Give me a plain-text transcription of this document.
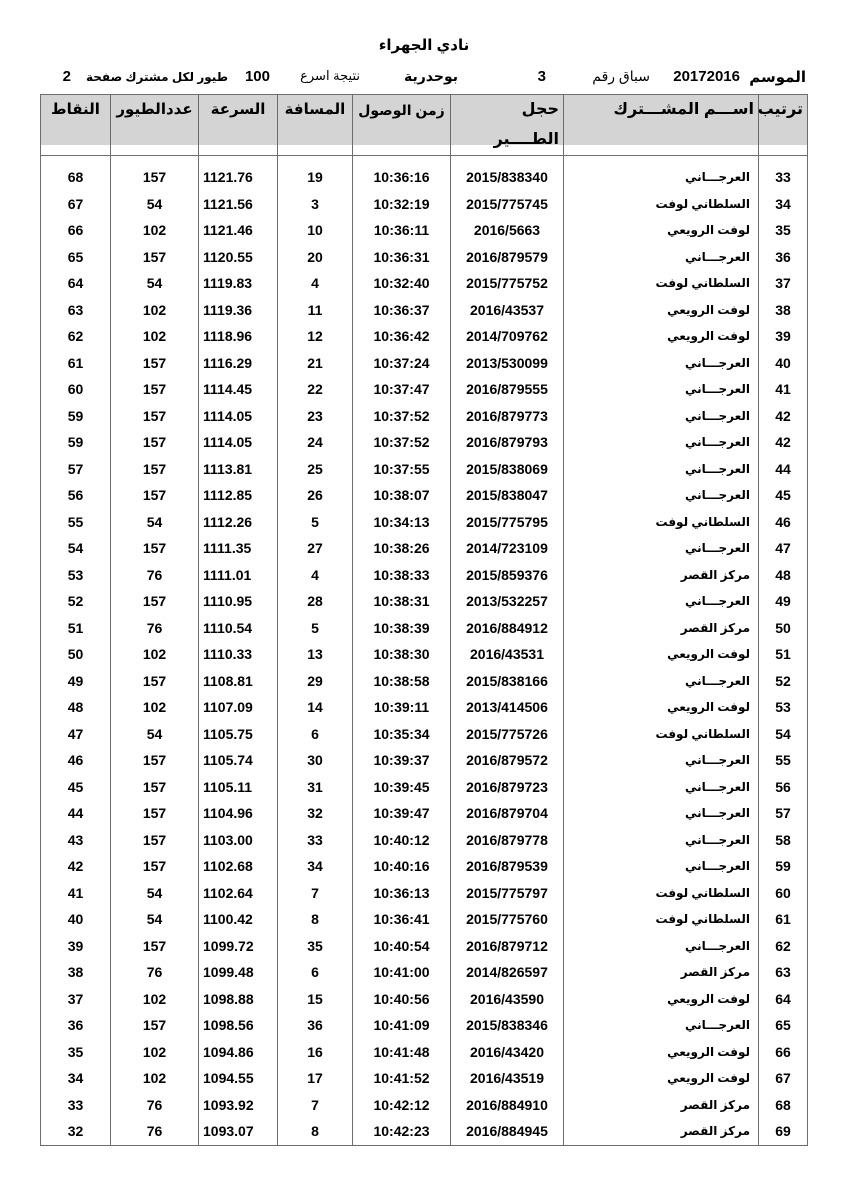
نادي الجهراء
الموسم
20172016
سباق رقم
3
بوحدرية
نتيجة اسرع
100
طيور لكل مشترك صفحة
2
ترتيب	اســـم المشـــترك	حجل الطــــير	زمن الوصول	المسافة	السرعة	عددالطيور	النقاط

33	العرجـــاني	2015/838340	10:36:16	19	1121.76	157	68
34	السلطاني لوفت	2015/775745	10:32:19	3	1121.56	54	67
35	لوفت الرويعي	2016/5663	10:36:11	10	1121.46	102	66
36	العرجـــاني	2016/879579	10:36:31	20	1120.55	157	65
37	السلطاني لوفت	2015/775752	10:32:40	4	1119.83	54	64
38	لوفت الرويعي	2016/43537	10:36:37	11	1119.36	102	63
39	لوفت الرويعي	2014/709762	10:36:42	12	1118.96	102	62
40	العرجـــاني	2013/530099	10:37:24	21	1116.29	157	61
41	العرجـــاني	2016/879555	10:37:47	22	1114.45	157	60
42	العرجـــاني	2016/879773	10:37:52	23	1114.05	157	59
42	العرجـــاني	2016/879793	10:37:52	24	1114.05	157	59
44	العرجـــاني	2015/838069	10:37:55	25	1113.81	157	57
45	العرجـــاني	2015/838047	10:38:07	26	1112.85	157	56
46	السلطاني لوفت	2015/775795	10:34:13	5	1112.26	54	55
47	العرجـــاني	2014/723109	10:38:26	27	1111.35	157	54
48	مركز القصر	2015/859376	10:38:33	4	1111.01	76	53
49	العرجـــاني	2013/532257	10:38:31	28	1110.95	157	52
50	مركز القصر	2016/884912	10:38:39	5	1110.54	76	51
51	لوفت الرويعي	2016/43531	10:38:30	13	1110.33	102	50
52	العرجـــاني	2015/838166	10:38:58	29	1108.81	157	49
53	لوفت الرويعي	2013/414506	10:39:11	14	1107.09	102	48
54	السلطاني لوفت	2015/775726	10:35:34	6	1105.75	54	47
55	العرجـــاني	2016/879572	10:39:37	30	1105.74	157	46
56	العرجـــاني	2016/879723	10:39:45	31	1105.11	157	45
57	العرجـــاني	2016/879704	10:39:47	32	1104.96	157	44
58	العرجـــاني	2016/879778	10:40:12	33	1103.00	157	43
59	العرجـــاني	2016/879539	10:40:16	34	1102.68	157	42
60	السلطاني لوفت	2015/775797	10:36:13	7	1102.64	54	41
61	السلطاني لوفت	2015/775760	10:36:41	8	1100.42	54	40
62	العرجـــاني	2016/879712	10:40:54	35	1099.72	157	39
63	مركز القصر	2014/826597	10:41:00	6	1099.48	76	38
64	لوفت الرويعي	2016/43590	10:40:56	15	1098.88	102	37
65	العرجـــاني	2015/838346	10:41:09	36	1098.56	157	36
66	لوفت الرويعي	2016/43420	10:41:48	16	1094.86	102	35
67	لوفت الرويعي	2016/43519	10:41:52	17	1094.55	102	34
68	مركز القصر	2016/884910	10:42:12	7	1093.92	76	33
69	مركز القصر	2016/884945	10:42:23	8	1093.07	76	32
